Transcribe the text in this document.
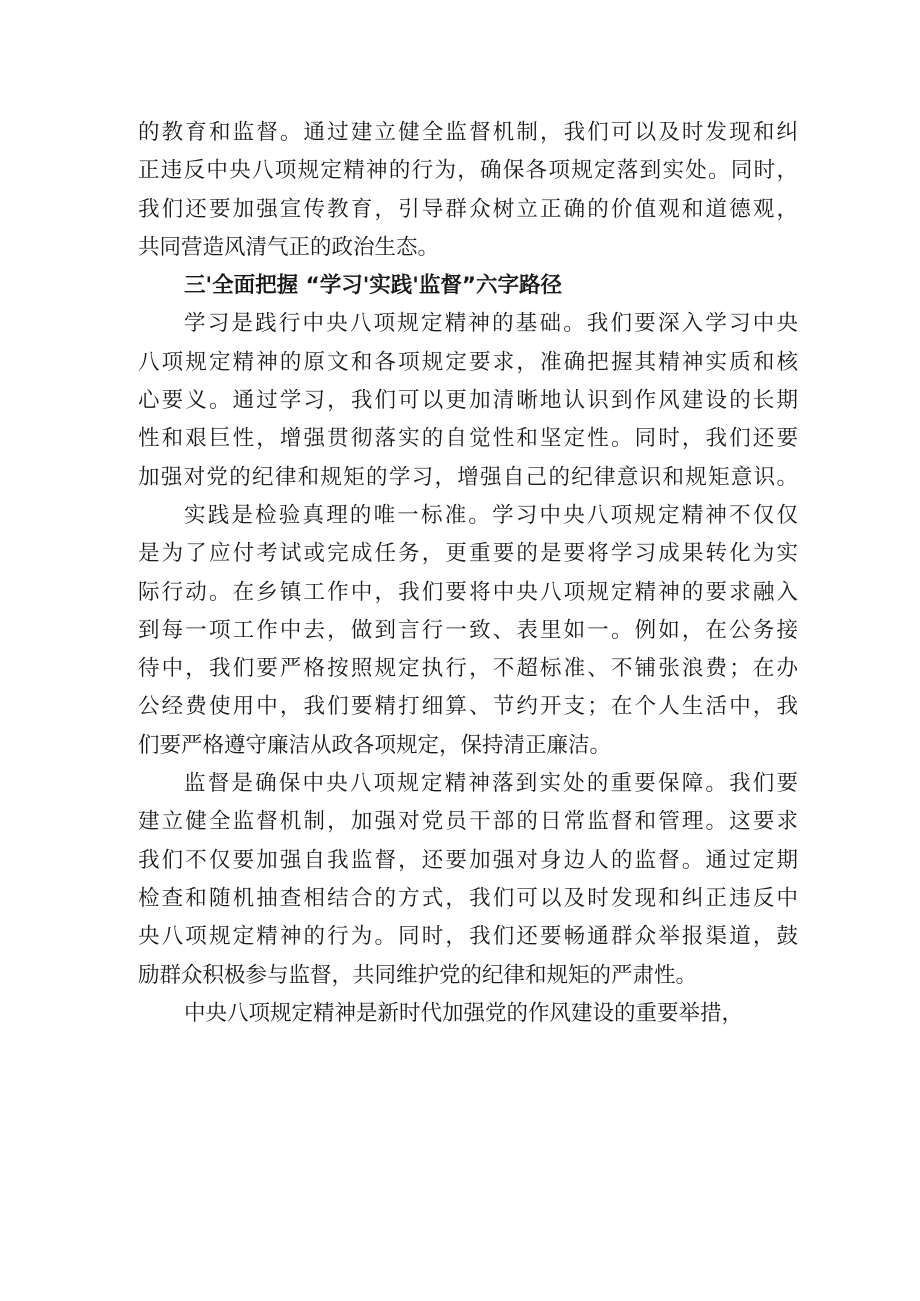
的教育和监督。通过建立健全监督机制，我们可以及时发现和纠
正违反中央八项规定精神的行为，确保各项规定落到实处。同时，
我们还要加强宣传教育，引导群众树立正确的价值观和道德观，
共同营造风清气正的政治生态。
三'全面把握 “学习'实践'监督”六字路径
学习是践行中央八项规定精神的基础。我们要深入学习中央
八项规定精神的原文和各项规定要求，准确把握其精神实质和核
心要义。通过学习，我们可以更加清晰地认识到作风建设的长期
性和艰巨性，增强贯彻落实的自觉性和坚定性。同时，我们还要
加强对党的纪律和规矩的学习，增强自己的纪律意识和规矩意识。
实践是检验真理的唯一标准。学习中央八项规定精神不仅仅
是为了应付考试或完成任务，更重要的是要将学习成果转化为实
际行动。在乡镇工作中，我们要将中央八项规定精神的要求融入
到每一项工作中去，做到言行一致、表里如一。例如，在公务接
待中，我们要严格按照规定执行，不超标准、不铺张浪费；在办
公经费使用中，我们要精打细算、节约开支；在个人生活中，我
们要严格遵守廉洁从政各项规定，保持清正廉洁。
监督是确保中央八项规定精神落到实处的重要保障。我们要
建立健全监督机制，加强对党员干部的日常监督和管理。这要求
我们不仅要加强自我监督，还要加强对身边人的监督。通过定期
检查和随机抽查相结合的方式，我们可以及时发现和纠正违反中
央八项规定精神的行为。同时，我们还要畅通群众举报渠道，鼓
励群众积极参与监督，共同维护党的纪律和规矩的严肃性。
中央八项规定精神是新时代加强党的作风建设的重要举措，
